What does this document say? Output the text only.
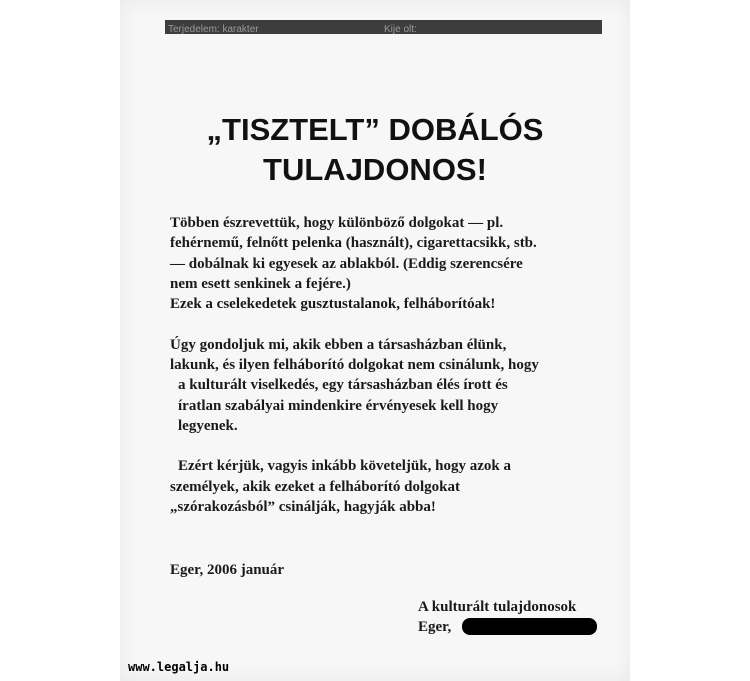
Terjedelem: karakter	Kije olt:
„TISZTELT” DOBÁLÓS
TULAJDONOS!
Többen észrevettük, hogy különböző dolgokat — pl.
fehérnemű, felnőtt pelenka (használt), cigarettacsikk, stb.
— dobálnak ki egyesek az ablakból. (Eddig szerencsére
nem esett senkinek a fejére.)
Ezek a cselekedetek gusztustalanok, felháborítóak!
Úgy gondoljuk mi, akik ebben a társasházban élünk,
lakunk, és ilyen felháborító dolgokat nem csinálunk, hogy
a kulturált viselkedés, egy társasházban élés írott és
íratlan szabályai mindenkire érvényesek kell hogy
legyenek.
Ezért kérjük, vagyis inkább követeljük, hogy azok a
személyek, akik ezeket a felháborító dolgokat
„szórakozásból” csinálják, hagyják abba!
Eger, 2006 január
A kulturált tulajdonosok
Eger,
www.legalja.hu
